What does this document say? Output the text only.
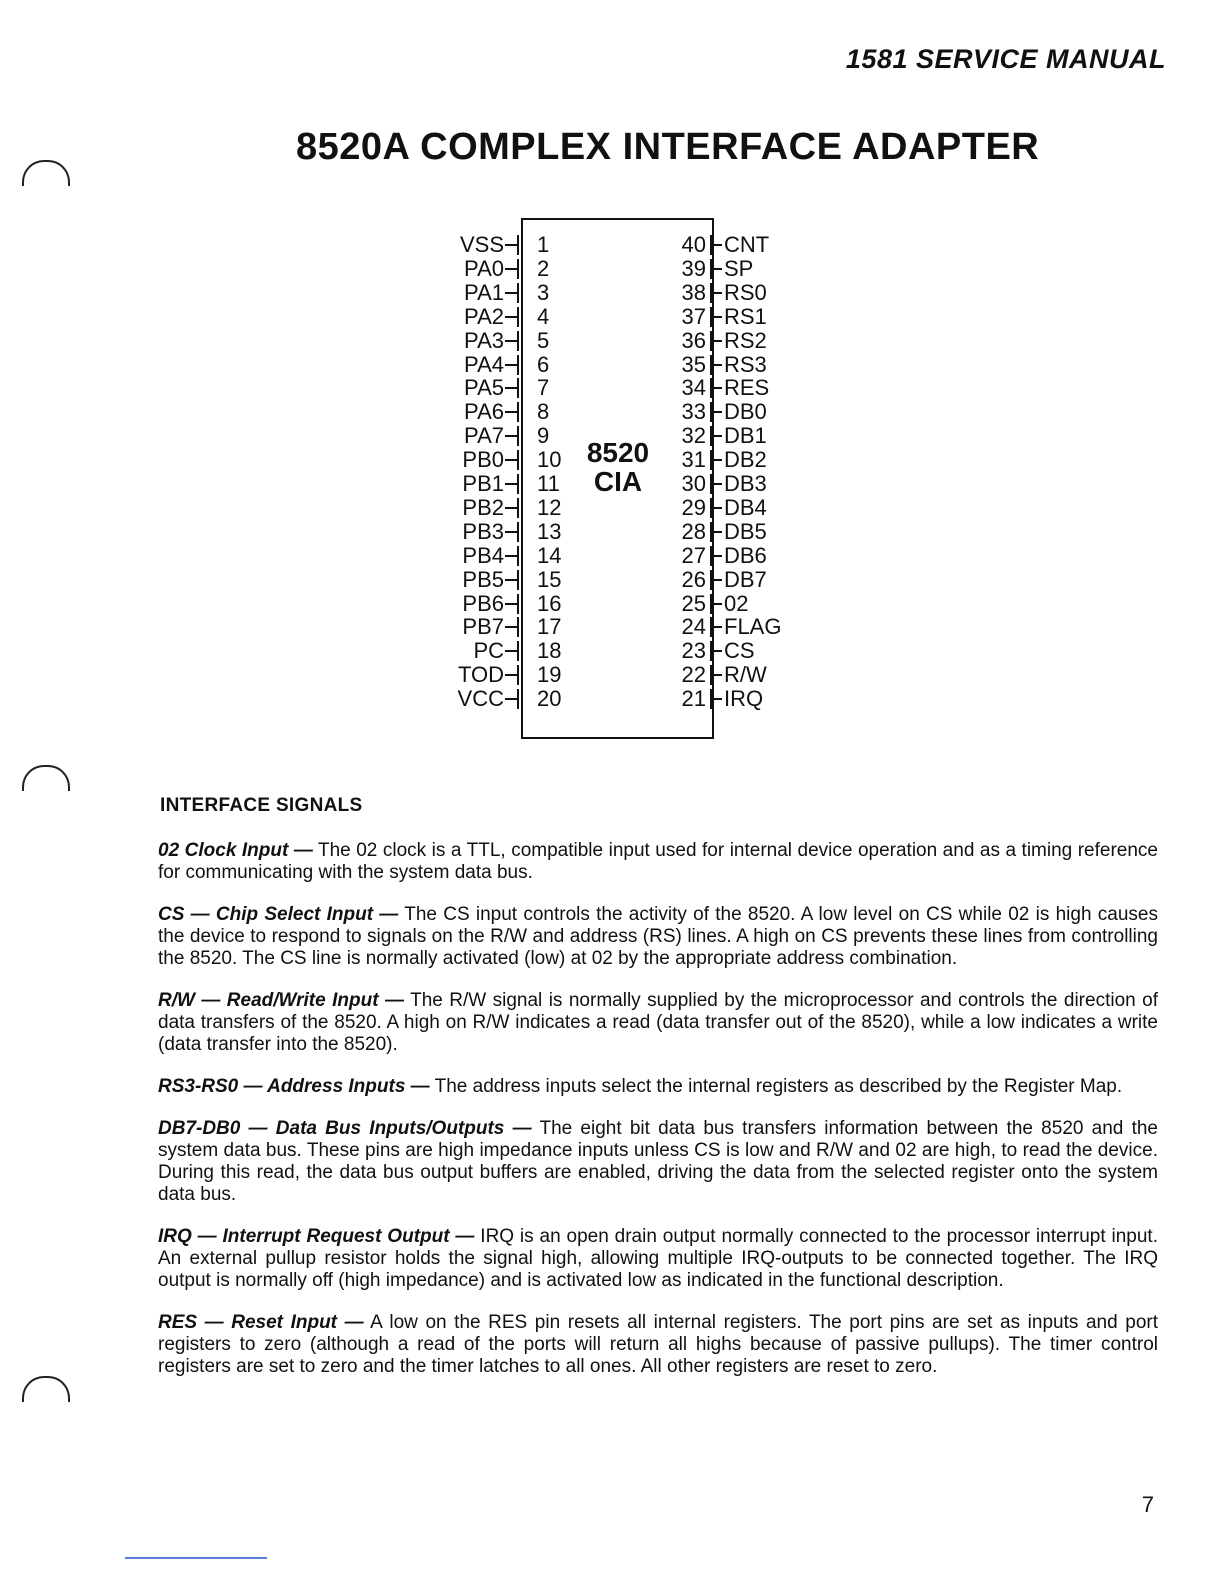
1581 SERVICE MANUAL
8520A COMPLEX INTERFACE ADAPTER
8520
CIA
VSS 1
PA0 2
PA1 3
PA2 4
PA3 5
PA4 6
PA5 7
PA6 8
PA7 9
PB0 10
PB1 11
PB2 12
PB3 13
PB4 14
PB5 15
PB6 16
PB7 17
PC 18
TOD 19
VCC 20
40 CNT
39 SP
38 RS0
37 RS1
36 RS2
35 RS3
34 RES
33 DB0
32 DB1
31 DB2
30 DB3
29 DB4
28 DB5
27 DB6
26 DB7
25 02
24 FLAG
23 CS
22 R/W
21 IRQ
INTERFACE SIGNALS

02 Clock Input — The 02 clock is a TTL, compatible input used for internal device operation and as a timing reference for communicating with the system data bus.

CS — Chip Select Input — The CS input controls the activity of the 8520. A low level on CS while 02 is high causes the device to respond to signals on the R/W and address (RS) lines. A high on CS prevents these lines from controlling the 8520. The CS line is normally activated (low) at 02 by the appropriate address combination.

R/W — Read/Write Input — The R/W signal is normally supplied by the microprocessor and controls the direction of data transfers of the 8520. A high on R/W indicates a read (data transfer out of the 8520), while a low indicates a write (data transfer into the 8520).

RS3-RS0 — Address Inputs — The address inputs select the internal registers as described by the Register Map.

DB7-DB0 — Data Bus Inputs/Outputs — The eight bit data bus transfers information between the 8520 and the system data bus. These pins are high impedance inputs unless CS is low and R/W and 02 are high, to read the device. During this read, the data bus output buffers are enabled, driving the data from the selected register onto the system data bus.

IRQ — Interrupt Request Output — IRQ is an open drain output normally connected to the processor interrupt input. An external pullup resistor holds the signal high, allowing multiple IRQ-outputs to be connected together. The IRQ output is normally off (high impedance) and is activated low as indicated in the functional description.

RES — Reset Input — A low on the RES pin resets all internal registers. The port pins are set as inputs and port registers to zero (although a read of the ports will return all highs because of passive pullups). The timer control registers are set to zero and the timer latches to all ones. All other registers are reset to zero.

7
